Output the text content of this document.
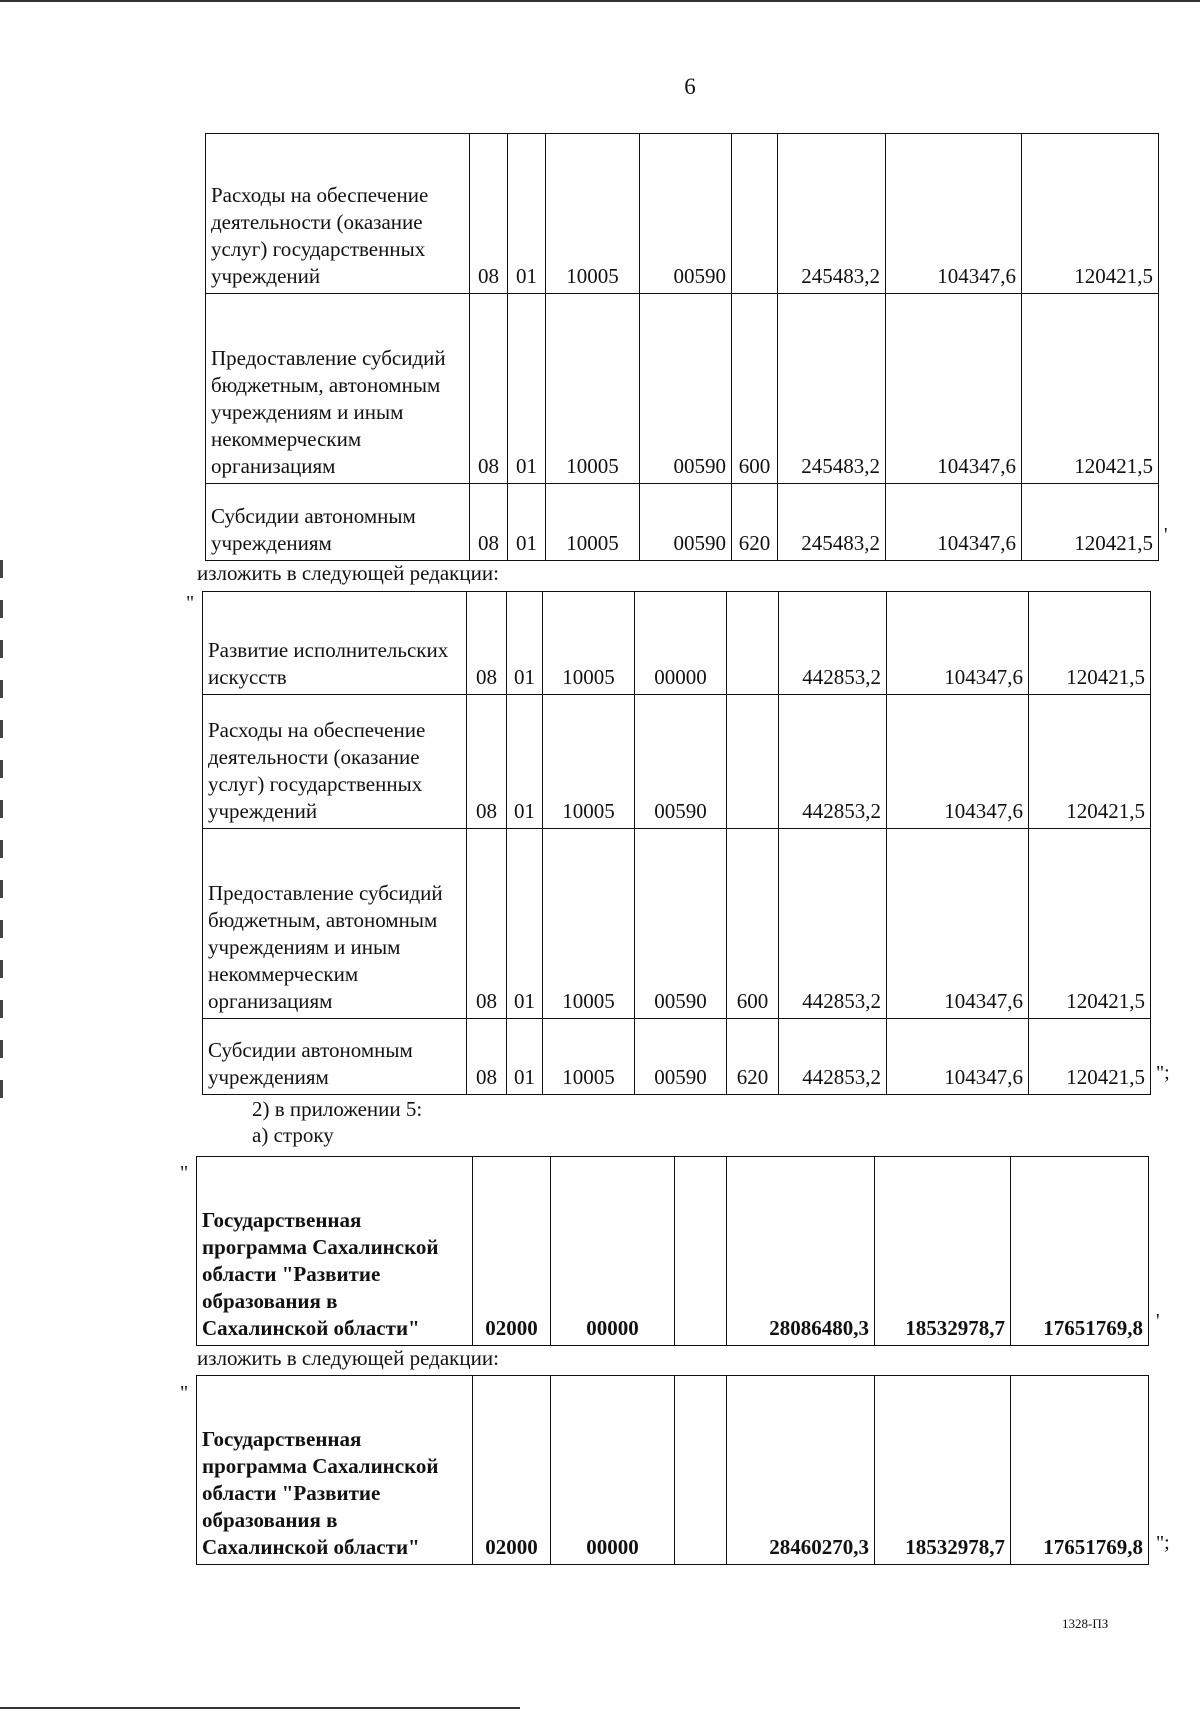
6
Расходы на обеспечение деятельности (оказание услуг) государственных учреждений	08	01	10005	00590		245483,2	104347,6	120421,5
Предоставление субсидий бюджетным, автономным учреждениям и иным некоммерческим организациям	08	01	10005	00590	600	245483,2	104347,6	120421,5
Субсидии автономным учреждениям	08	01	10005	00590	620	245483,2	104347,6	120421,5 '
изложить в следующей редакции:
"
Развитие исполнительских искусств	08	01	10005	00000		442853,2	104347,6	120421,5
Расходы на обеспечение деятельности (оказание услуг) государственных учреждений	08	01	10005	00590		442853,2	104347,6	120421,5
Предоставление субсидий бюджетным, автономным учреждениям и иным некоммерческим организациям	08	01	10005	00590	600	442853,2	104347,6	120421,5
Субсидии автономным учреждениям	08	01	10005	00590	620	442853,2	104347,6	120421,5 ";
2) в приложении 5:
а) строку
"
Государственная программа Сахалинской области "Развитие образования в Сахалинской области"	02000	00000		28086480,3	18532978,7	17651769,8 '
изложить в следующей редакции:
"
Государственная программа Сахалинской области "Развитие образования в Сахалинской области"	02000	00000		28460270,3	18532978,7	17651769,8 ";
1328-ПЗ
